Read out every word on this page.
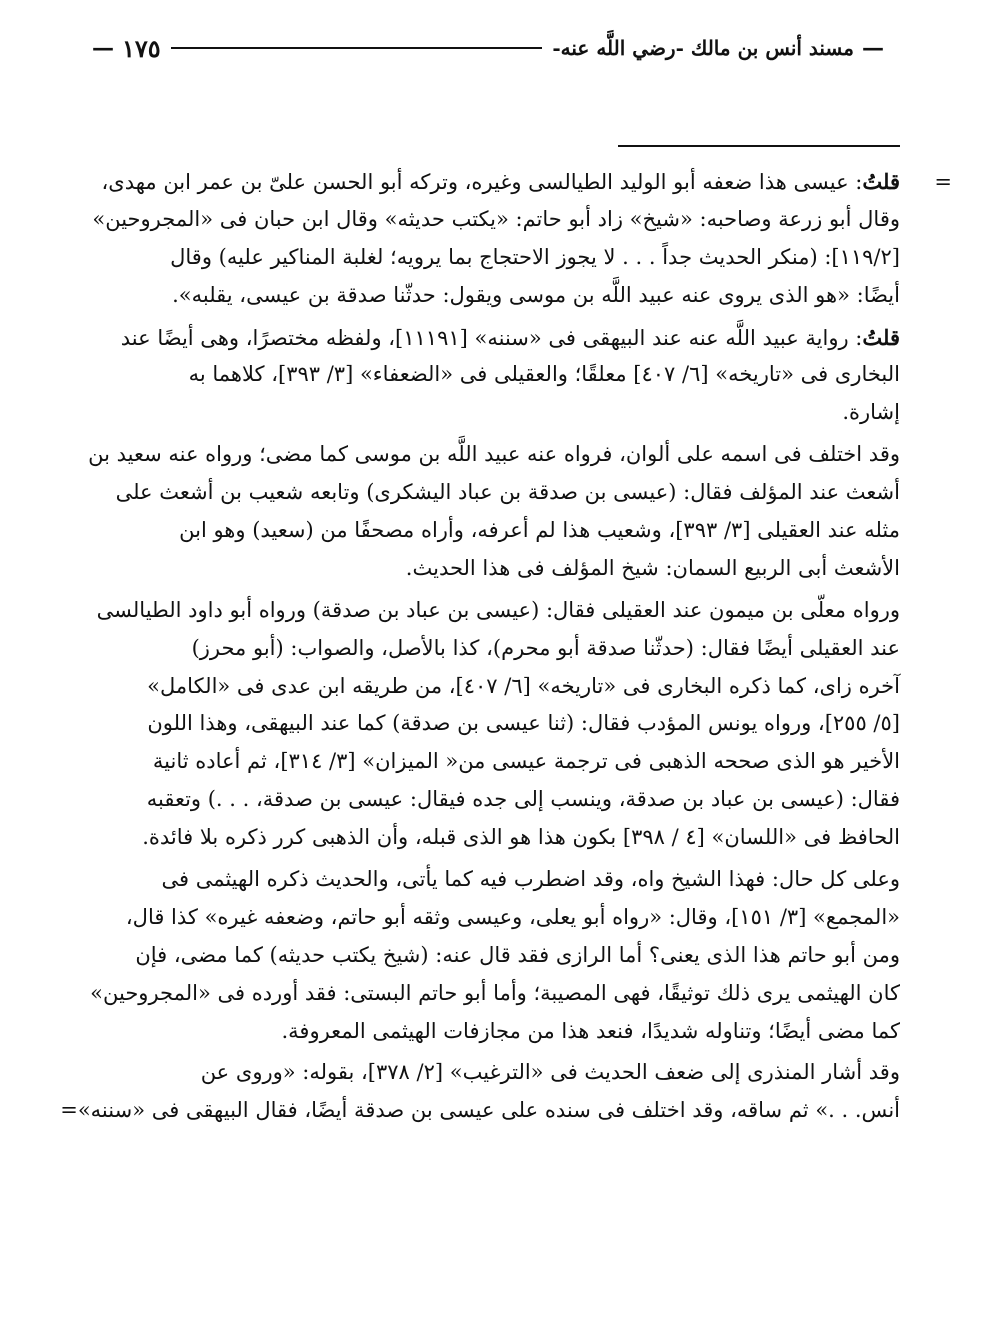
—
مسند أنس بن مالك -رضي اللَّه عنه-
١٧٥
—
=قلتُ: عيسى هذا ضعفه أبو الوليد الطيالسى وغيره، وتركه أبو الحسن علىّ بن عمر ابن مهدى،
وقال أبو زرعة وصاحبه: «شيخ» زاد أبو حاتم: «يكتب حديثه» وقال ابن حبان فى «المجروحين»
[١١٩/٢]: (منكر الحديث جداً . . . لا يجوز الاحتجاج بما يرويه؛ لغلبة المناكير عليه) وقال
أيضًا: «هو الذى يروى عنه عبيد اللَّه بن موسى ويقول: حدثّنا صدقة بن عيسى، يقلبه».
قلتُ: رواية عبيد اللَّه عنه عند البيهقى فى «سننه» [١١١٩١]، ولفظه مختصرًا، وهى أيضًا عند
البخارى فى «تاريخه» [٦/ ٤٠٧] معلقًا؛ والعقيلى فى «الضعفاء» [٣/ ٣٩٣]، كلاهما به
إشارة.
وقد اختلف فى اسمه على ألوان، فرواه عنه عبيد اللَّه بن موسى كما مضى؛ ورواه عنه سعيد بن
أشعث عند المؤلف فقال: (عيسى بن صدقة بن عباد اليشكرى) وتابعه شعيب بن أشعث على
مثله عند العقيلى [٣/ ٣٩٣]، وشعيب هذا لم أعرفه، وأراه مصحفًا من (سعيد) وهو ابن
الأشعث أبى الربيع السمان: شيخ المؤلف فى هذا الحديث.
ورواه معلّى بن ميمون عند العقيلى فقال: (عيسى بن عباد بن صدقة) ورواه أبو داود الطيالسى
عند العقيلى أيضًا فقال: (حدثّنا صدقة أبو محرم)، كذا بالأصل، والصواب: (أبو محرز)
آخره زاى، كما ذكره البخارى فى «تاريخه» [٦/ ٤٠٧]، من طريقه ابن عدى فى «الكامل»
[٥/ ٢٥٥]، ورواه يونس المؤدب فقال: (ثنا عيسى بن صدقة) كما عند البيهقى، وهذا اللون
الأخير هو الذى صححه الذهبى فى ترجمة عيسى من« الميزان» [٣/ ٣١٤]، ثم أعاده ثانية
فقال: (عيسى بن عباد بن صدقة، وينسب إلى جده فيقال: عيسى بن صدقة، . . .) وتعقبه
الحافظ فى «اللسان» [٤ / ٣٩٨] بكون هذا هو الذى قبله، وأن الذهبى كرر ذكره بلا فائدة.
وعلى كل حال: فهذا الشيخ واه، وقد اضطرب فيه كما يأتى، والحديث ذكره الهيثمى فى
«المجمع» [٣/ ١٥١]، وقال: «رواه أبو يعلى، وعيسى وثقه أبو حاتم، وضعفه غيره» كذا قال،
ومن أبو حاتم هذا الذى يعنى؟ أما الرازى فقد قال عنه: (شيخ يكتب حديثه) كما مضى، فإن
كان الهيثمى يرى ذلك توثيقًا، فهى المصيبة؛ وأما أبو حاتم البستى: فقد أورده فى «المجروحين»
كما مضى أيضًا؛ وتناوله شديدًا، فنعد هذا من مجازفات الهيثمى المعروفة.
وقد أشار المنذرى إلى ضعف الحديث فى «الترغيب» [٢/ ٣٧٨]، بقوله: «وروى عن
أنس. . .» ثم ساقه، وقد اختلف فى سنده على عيسى بن صدقة أيضًا، فقال البيهقى فى «سننه»=
